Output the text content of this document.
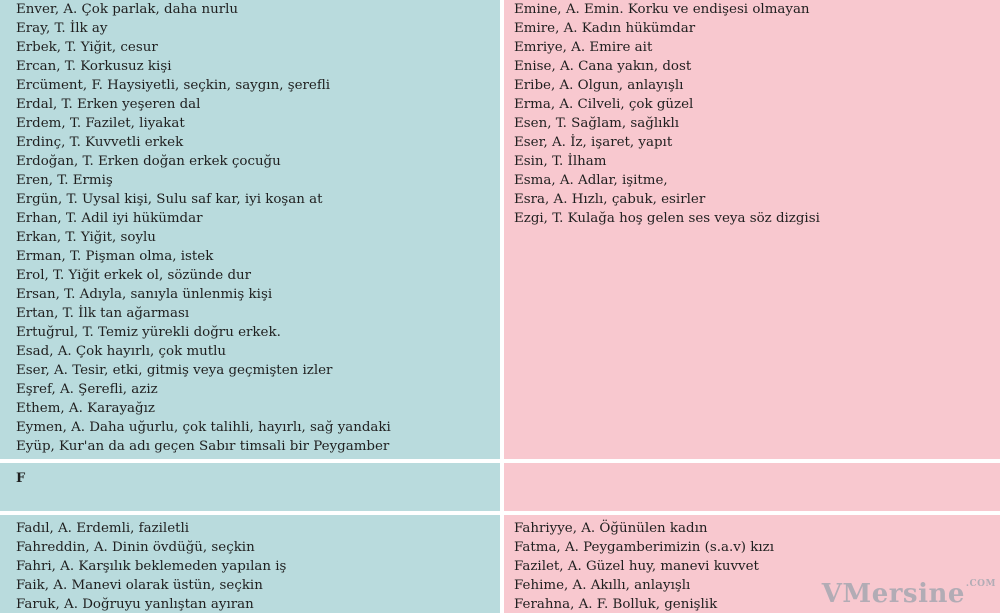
Enver, A. Çok parlak, daha nurlu
Eray, T. İlk ay
Erbek, T. Yiğit, cesur
Ercan, T. Korkusuz kişi
Ercüment, F. Haysiyetli, seçkin, saygın, şerefli
Erdal, T. Erken yeşeren dal
Erdem, T. Fazilet, liyakat
Erdinç, T. Kuvvetli erkek
Erdoğan, T. Erken doğan erkek çocuğu
Eren, T. Ermiş
Ergün, T. Uysal kişi, Sulu saf kar, iyi koşan at
Erhan, T. Adil iyi hükümdar
Erkan, T. Yiğit, soylu
Erman, T. Pişman olma, istek
Erol, T. Yiğit erkek ol, sözünde dur
Ersan, T. Adıyla, sanıyla ünlenmiş kişi
Ertan, T. İlk tan ağarması
Ertuğrul, T. Temiz yürekli doğru erkek.
Esad, A. Çok hayırlı, çok mutlu
Eser, A. Tesir, etki, gitmiş veya geçmişten izler
Eşref, A. Şerefli, aziz
Ethem, A. Karayağız
Eymen, A. Daha uğurlu, çok talihli, hayırlı, sağ yandaki
Eyüp, Kur'an da adı geçen Sabır timsali bir Peygamber
Emine, A. Emin. Korku ve endişesi olmayan
Emire, A. Kadın hükümdar
Emriye, A. Emire ait
Enise, A. Cana yakın, dost
Eribe, A. Olgun, anlayışlı
Erma, A. Cilveli, çok güzel
Esen, T. Sağlam, sağlıklı
Eser, A. İz, işaret, yapıt
Esin, T. İlham
Esma, A. Adlar, işitme,
Esra, A. Hızlı, çabuk, esirler
Ezgi, T. Kulağa hoş gelen ses veya söz dizgisi
F
Fadıl, A. Erdemli, faziletli
Fahreddin, A. Dinin övdüğü, seçkin
Fahri, A. Karşılık beklemeden yapılan iş
Faik, A. Manevi olarak üstün, seçkin
Faruk, A. Doğruyu yanlıştan ayıran
Fahriyye, A. Öğünülen kadın
Fatma, A. Peygamberimizin (s.a.v) kızı
Fazilet, A. Güzel huy, manevi kuvvet
Fehime, A. Akıllı, anlayışlı
Ferahna, A. F. Bolluk, genişlik	VMersine$^{.COM}$
